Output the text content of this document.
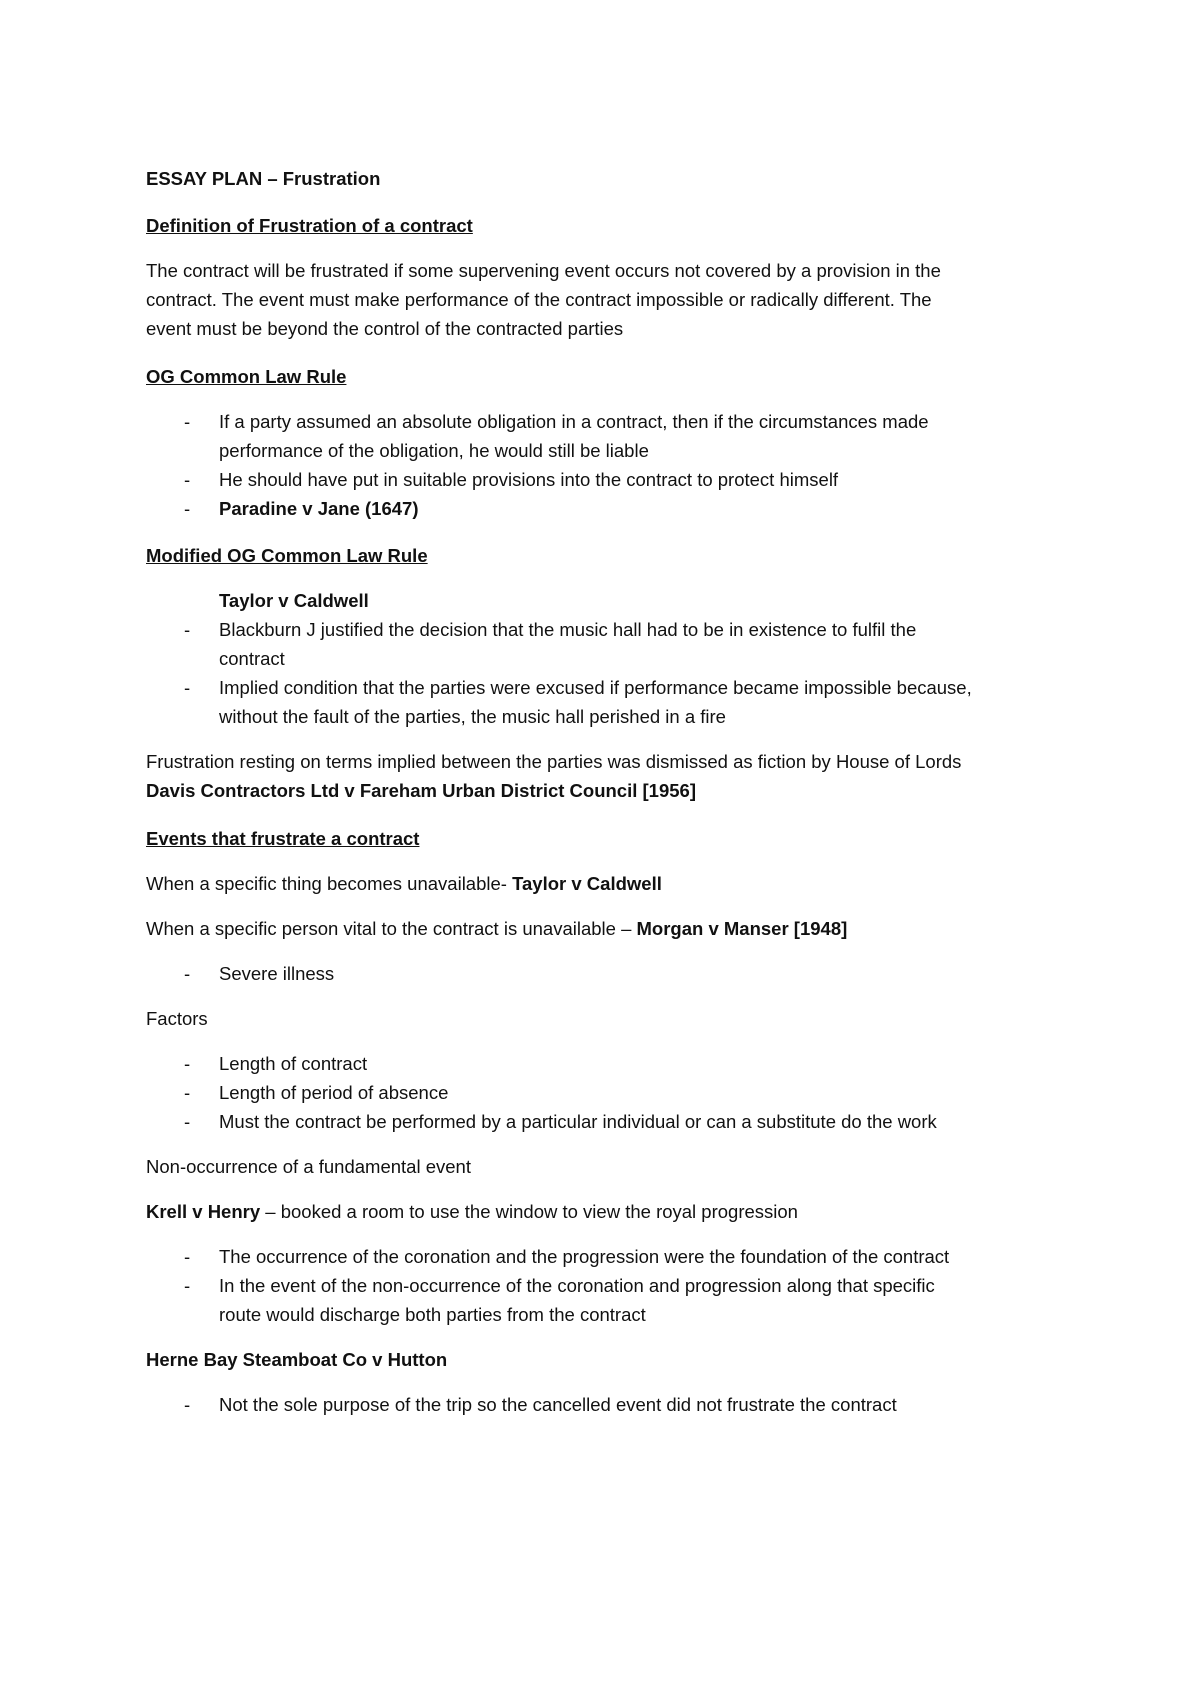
ESSAY PLAN – Frustration

Definition of Frustration of a contract

The contract will be frustrated if some supervening event occurs not covered by a provision in the

contract. The event must make performance of the contract impossible or radically different. The

event must be beyond the control of the contracted parties

OG Common Law Rule

- If a party assumed an absolute obligation in a contract, then if the circumstances made
performance of the obligation, he would still be liable
- He should have put in suitable provisions into the contract to protect himself
- Paradine v Jane (1647)

Modified OG Common Law Rule

Taylor v Caldwell

- Blackburn J justified the decision that the music hall had to be in existence to fulfil the
contract
- Implied condition that the parties were excused if performance became impossible because,
without the fault of the parties, the music hall perished in a fire

Frustration resting on terms implied between the parties was dismissed as fiction by House of Lords

Davis Contractors Ltd v Fareham Urban District Council [1956]

Events that frustrate a contract

When a specific thing becomes unavailable- Taylor v Caldwell

When a specific person vital to the contract is unavailable – Morgan v Manser [1948]

- Severe illness

Factors

- Length of contract
- Length of period of absence
- Must the contract be performed by a particular individual or can a substitute do the work

Non-occurrence of a fundamental event

Krell v Henry – booked a room to use the window to view the royal progression

- The occurrence of the coronation and the progression were the foundation of the contract
- In the event of the non-occurrence of the coronation and progression along that specific
route would discharge both parties from the contract

Herne Bay Steamboat Co v Hutton

- Not the sole purpose of the trip so the cancelled event did not frustrate the contract
